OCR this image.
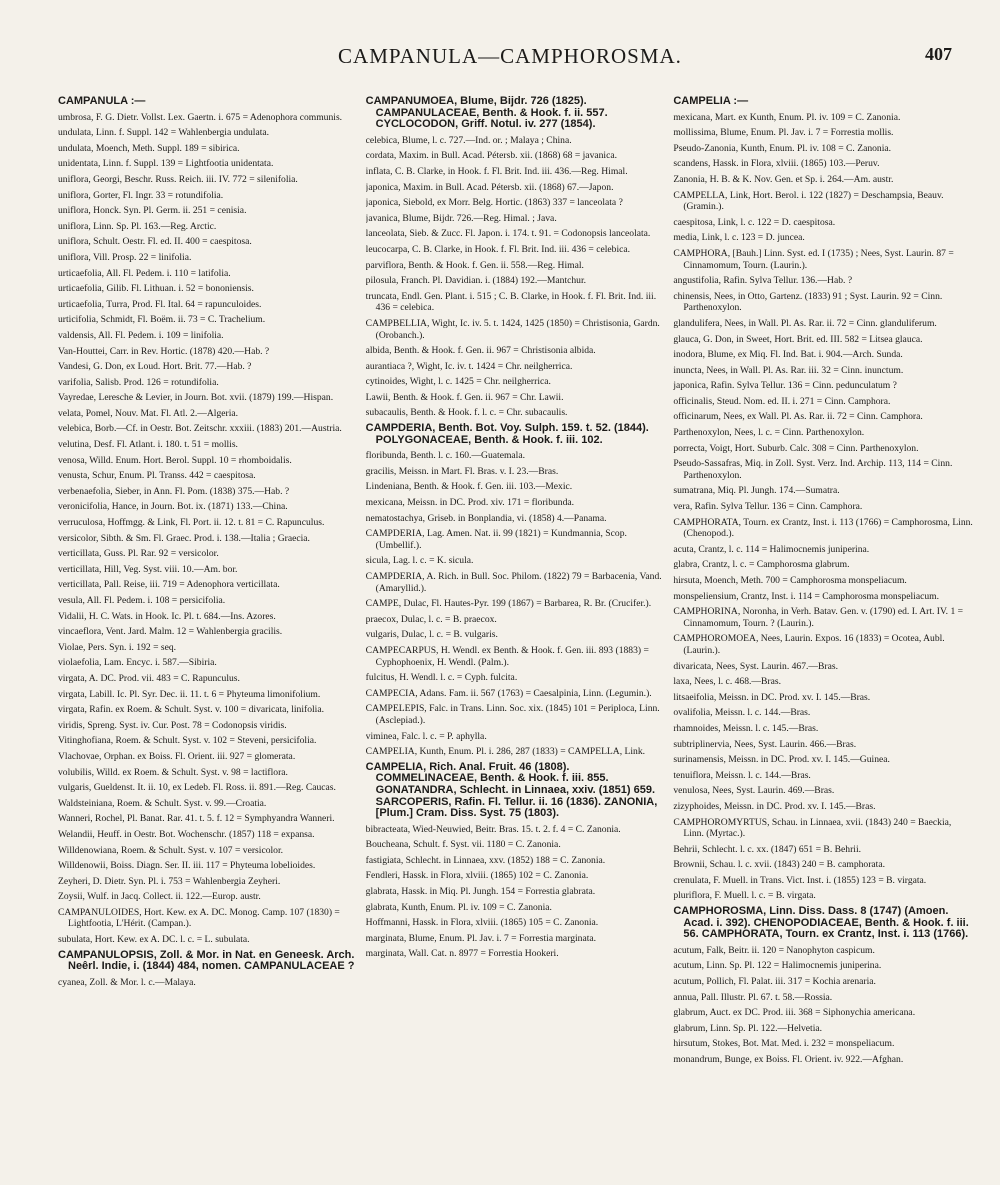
CAMPANULA—CAMPHOROSMA.	407
CAMPANULA :—
umbrosa, F. G. Dietr. Vollst. Lex. Gaertn. i. 675 = Adenophora communis.
undulata, Linn. f. Suppl. 142 = Wahlenbergia undulata.
undulata, Moench, Meth. Suppl. 189 = sibirica.
unidentata, Linn. f. Suppl. 139 = Lightfootia unidentata.
uniflora, Georgi, Beschr. Russ. Reich. iii. IV. 772 = silenifolia.
uniflora, Gorter, Fl. Ingr. 33 = rotundifolia.
uniflora, Honck. Syn. Pl. Germ. ii. 251 = cenisia.
uniflora, Linn. Sp. Pl. 163.—Reg. Arctic.
uniflora, Schult. Oestr. Fl. ed. II. 400 = caespitosa.
uniflora, Vill. Prosp. 22 = linifolia.
urticaefolia, All. Fl. Pedem. i. 110 = latifolia.
urticaefolia, Gilib. Fl. Lithuan. i. 52 = bononiensis.
urticaefolia, Turra, Prod. Fl. Ital. 64 = rapunculoides.
urticifolia, Schmidt, Fl. Boëm. ii. 73 = C. Trachelium.
valdensis, All. Fl. Pedem. i. 109 = linifolia.
Van-Houttei, Carr. in Rev. Hortic. (1878) 420.—Hab. ?
Vandesi, G. Don, ex Loud. Hort. Brit. 77.—Hab. ?
varifolia, Salisb. Prod. 126 = rotundifolia.
Vayredae, Leresche & Levier, in Journ. Bot. xvii. (1879) 199.—Hispan.
velata, Pomel, Nouv. Mat. Fl. Atl. 2.—Algeria.
velebica, Borb.—Cf. in Oestr. Bot. Zeitschr. xxxiii. (1883) 201.—Austria.
velutina, Desf. Fl. Atlant. i. 180. t. 51 = mollis.
venosa, Willd. Enum. Hort. Berol. Suppl. 10 = rhomboidalis.
venusta, Schur, Enum. Pl. Transs. 442 = caespitosa.
verbenaefolia, Sieber, in Ann. Fl. Pom. (1838) 375.—Hab. ?
veronicifolia, Hance, in Journ. Bot. ix. (1871) 133.—China.
verruculosa, Hoffmgg. & Link, Fl. Port. ii. 12. t. 81 = C. Rapunculus.
versicolor, Sibth. & Sm. Fl. Graec. Prod. i. 138.—Italia ; Graecia.
verticillata, Guss. Pl. Rar. 92 = versicolor.
verticillata, Hill, Veg. Syst. viii. 10.—Am. bor.
verticillata, Pall. Reise, iii. 719 = Adenophora verticillata.
vesula, All. Fl. Pedem. i. 108 = persicifolia.
Vidalii, H. C. Wats. in Hook. Ic. Pl. t. 684.—Ins. Azores.
vincaeflora, Vent. Jard. Malm. 12 = Wahlenbergia gracilis.
Violae, Pers. Syn. i. 192 = seq.
violaefolia, Lam. Encyc. i. 587.—Sibiria.
virgata, A. DC. Prod. vii. 483 = C. Rapunculus.
virgata, Labill. Ic. Pl. Syr. Dec. ii. 11. t. 6 = Phyteuma limonifolium.
virgata, Rafin. ex Roem. & Schult. Syst. v. 100 = divaricata, linifolia.
viridis, Spreng. Syst. iv. Cur. Post. 78 = Codonopsis viridis.
Vitinghofiana, Roem. & Schult. Syst. v. 102 = Steveni, persicifolia.
Vlachovae, Orphan. ex Boiss. Fl. Orient. iii. 927 = glomerata.
volubilis, Willd. ex Roem. & Schult. Syst. v. 98 = lactiflora.
vulgaris, Gueldenst. It. ii. 10, ex Ledeb. Fl. Ross. ii. 891.—Reg. Caucas.
Waldsteiniana, Roem. & Schult. Syst. v. 99.—Croatia.
Wanneri, Rochel, Pl. Banat. Rar. 41. t. 5. f. 12 = Symphyandra Wanneri.
Welandii, Heuff. in Oestr. Bot. Wochenschr. (1857) 118 = expansa.
Willdenowiana, Roem. & Schult. Syst. v. 107 = versicolor.
Willdenowii, Boiss. Diagn. Ser. II. iii. 117 = Phyteuma lobelioides.
Zeyheri, D. Dietr. Syn. Pl. i. 753 = Wahlenbergia Zeyheri.
Zoysii, Wulf. in Jacq. Collect. ii. 122.—Europ. austr.
CAMPANULOIDES, Hort. Kew. ex A. DC. Monog. Camp. 107 (1830) = Lightfootia, L'Hérit. (Campan.).
subulata, Hort. Kew. ex A. DC. l. c. = L. subulata.
CAMPANULOPSIS, Zoll. & Mor. in Nat. en Geneesk. Arch. Neêrl. Indie, i. (1844) 484, nomen. CAMPANULACEAE ?
cyanea, Zoll. & Mor. l. c.—Malaya.
CAMPANUMOEA, Blume, Bijdr. 726 (1825). CAMPANULACEAE, Benth. & Hook. f. ii. 557. CYCLOCODON, Griff. Notul. iv. 277 (1854).
celebica, Blume, l. c. 727.—Ind. or. ; Malaya ; China.
cordata, Maxim. in Bull. Acad. Pétersb. xii. (1868) 68 = javanica.
inflata, C. B. Clarke, in Hook. f. Fl. Brit. Ind. iii. 436.—Reg. Himal.
japonica, Maxim. in Bull. Acad. Pétersb. xii. (1868) 67.—Japon.
japonica, Siebold, ex Morr. Belg. Hortic. (1863) 337 = lanceolata ?
javanica, Blume, Bijdr. 726.—Reg. Himal. ; Java.
lanceolata, Sieb. & Zucc. Fl. Japon. i. 174. t. 91. = Codonopsis lanceolata.
leucocarpa, C. B. Clarke, in Hook. f. Fl. Brit. Ind. iii. 436 = celebica.
parviflora, Benth. & Hook. f. Gen. ii. 558.—Reg. Himal.
pilosula, Franch. Pl. Davidian. i. (1884) 192.—Mantchur.
truncata, Endl. Gen. Plant. i. 515 ; C. B. Clarke, in Hook. f. Fl. Brit. Ind. iii. 436 = celebica.
CAMPBELLIA, Wight, Ic. iv. 5. t. 1424, 1425 (1850) = Christisonia, Gardn. (Orobanch.).
albida, Benth. & Hook. f. Gen. ii. 967 = Christisonia albida.
aurantiaca ?, Wight, Ic. iv. t. 1424 = Chr. neilgherrica.
cytinoides, Wight, l. c. 1425 = Chr. neilgherrica.
Lawii, Benth. & Hook. f. Gen. ii. 967 = Chr. Lawii.
subacaulis, Benth. & Hook. f. l. c. = Chr. subacaulis.
CAMPDERIA, Benth. Bot. Voy. Sulph. 159. t. 52. (1844). POLYGONACEAE, Benth. & Hook. f. iii. 102.
floribunda, Benth. l. c. 160.—Guatemala.
gracilis, Meissn. in Mart. Fl. Bras. v. I. 23.—Bras.
Lindeniana, Benth. & Hook. f. Gen. iii. 103.—Mexic.
mexicana, Meissn. in DC. Prod. xiv. 171 = floribunda.
nematostachya, Griseb. in Bonplandia, vi. (1858) 4.—Panama.
CAMPDERIA, Lag. Amen. Nat. ii. 99 (1821) = Kundmannia, Scop. (Umbellif.).
sicula, Lag. l. c. = K. sicula.
CAMPDERIA, A. Rich. in Bull. Soc. Philom. (1822) 79 = Barbacenia, Vand. (Amaryllid.).
CAMPE, Dulac, Fl. Hautes-Pyr. 199 (1867) = Barbarea, R. Br. (Crucifer.).
praecox, Dulac, l. c. = B. praecox.
vulgaris, Dulac, l. c. = B. vulgaris.
CAMPECARPUS, H. Wendl. ex Benth. & Hook. f. Gen. iii. 893 (1883) = Cyphophoenix, H. Wendl. (Palm.).
fulcitus, H. Wendl. l. c. = Cyph. fulcita.
CAMPECIA, Adans. Fam. ii. 567 (1763) = Caesalpinia, Linn. (Legumin.).
CAMPELEPIS, Falc. in Trans. Linn. Soc. xix. (1845) 101 = Periploca, Linn. (Asclepiad.).
viminea, Falc. l. c. = P. aphylla.
CAMPELIA, Kunth, Enum. Pl. i. 286, 287 (1833) = CAMPELLA, Link.
CAMPELIA, Rich. Anal. Fruit. 46 (1808). COMMELINACEAE, Benth. & Hook. f. iii. 855. GONATANDRA, Schlecht. in Linnaea, xxiv. (1851) 659. SARCOPERIS, Rafin. Fl. Tellur. ii. 16 (1836). ZANONIA, [Plum.] Cram. Diss. Syst. 75 (1803).
bibracteata, Wied-Neuwied, Beitr. Bras. 15. t. 2. f. 4 = C. Zanonia.
Boucheana, Schult. f. Syst. vii. 1180 = C. Zanonia.
fastigiata, Schlecht. in Linnaea, xxv. (1852) 188 = C. Zanonia.
Fendleri, Hassk. in Flora, xlviii. (1865) 102 = C. Zanonia.
glabrata, Hassk. in Miq. Pl. Jungh. 154 = Forrestia glabrata.
glabrata, Kunth, Enum. Pl. iv. 109 = C. Zanonia.
Hoffmanni, Hassk. in Flora, xlviii. (1865) 105 = C. Zanonia.
marginata, Blume, Enum. Pl. Jav. i. 7 = Forrestia marginata.
marginata, Wall. Cat. n. 8977 = Forrestia Hookeri.
CAMPELIA :—
mexicana, Mart. ex Kunth, Enum. Pl. iv. 109 = C. Zanonia.
mollissima, Blume, Enum. Pl. Jav. i. 7 = Forrestia mollis.
Pseudo-Zanonia, Kunth, Enum. Pl. iv. 108 = C. Zanonia.
scandens, Hassk. in Flora, xlviii. (1865) 103.—Peruv.
Zanonia, H. B. & K. Nov. Gen. et Sp. i. 264.—Am. austr.
CAMPELLA, Link, Hort. Berol. i. 122 (1827) = Deschampsia, Beauv. (Gramin.).
caespitosa, Link, l. c. 122 = D. caespitosa.
media, Link, l. c. 123 = D. juncea.
CAMPHORA, [Bauh.] Linn. Syst. ed. I (1735) ; Nees, Syst. Laurin. 87 = Cinnamomum, Tourn. (Laurin.).
angustifolia, Rafin. Sylva Tellur. 136.—Hab. ?
chinensis, Nees, in Otto, Gartenz. (1833) 91 ; Syst. Laurin. 92 = Cinn. Parthenoxylon.
glandulifera, Nees, in Wall. Pl. As. Rar. ii. 72 = Cinn. glanduliferum.
glauca, G. Don, in Sweet, Hort. Brit. ed. III. 582 = Litsea glauca.
inodora, Blume, ex Miq. Fl. Ind. Bat. i. 904.—Arch. Sunda.
inuncta, Nees, in Wall. Pl. As. Rar. iii. 32 = Cinn. inunctum.
japonica, Rafin. Sylva Tellur. 136 = Cinn. pedunculatum ?
officinalis, Steud. Nom. ed. II. i. 271 = Cinn. Camphora.
officinarum, Nees, ex Wall. Pl. As. Rar. ii. 72 = Cinn. Camphora.
Parthenoxylon, Nees, l. c. = Cinn. Parthenoxylon.
porrecta, Voigt, Hort. Suburb. Calc. 308 = Cinn. Parthenoxylon.
Pseudo-Sassafras, Miq. in Zoll. Syst. Verz. Ind. Archip. 113, 114 = Cinn. Parthenoxylon.
sumatrana, Miq. Pl. Jungh. 174.—Sumatra.
vera, Rafin. Sylva Tellur. 136 = Cinn. Camphora.
CAMPHORATA, Tourn. ex Crantz, Inst. i. 113 (1766) = Camphorosma, Linn. (Chenopod.).
acuta, Crantz, l. c. 114 = Halimocnemis juniperina.
glabra, Crantz, l. c. = Camphorosma glabrum.
hirsuta, Moench, Meth. 700 = Camphorosma monspeliacum.
monspeliensium, Crantz, Inst. i. 114 = Camphorosma monspeliacum.
CAMPHORINA, Noronha, in Verh. Batav. Gen. v. (1790) ed. I. Art. IV. 1 = Cinnamomum, Tourn. ? (Laurin.).
CAMPHOROMOEA, Nees, Laurin. Expos. 16 (1833) = Ocotea, Aubl. (Laurin.).
divaricata, Nees, Syst. Laurin. 467.—Bras.
laxa, Nees, l. c. 468.—Bras.
litsaeifolia, Meissn. in DC. Prod. xv. I. 145.—Bras.
ovalifolia, Meissn. l. c. 144.—Bras.
rhamnoides, Meissn. l. c. 145.—Bras.
subtriplinervia, Nees, Syst. Laurin. 466.—Bras.
surinamensis, Meissn. in DC. Prod. xv. I. 145.—Guinea.
tenuiflora, Meissn. l. c. 144.—Bras.
venulosa, Nees, Syst. Laurin. 469.—Bras.
zizyphoides, Meissn. in DC. Prod. xv. I. 145.—Bras.
CAMPHOROMYRTUS, Schau. in Linnaea, xvii. (1843) 240 = Baeckia, Linn. (Myrtac.).
Behrii, Schlecht. l. c. xx. (1847) 651 = B. Behrii.
Brownii, Schau. l. c. xvii. (1843) 240 = B. camphorata.
crenulata, F. Muell. in Trans. Vict. Inst. i. (1855) 123 = B. virgata.
pluriflora, F. Muell. l. c. = B. virgata.
CAMPHOROSMA, Linn. Diss. Dass. 8 (1747) (Amoen. Acad. i. 392). CHENOPODIACEAE, Benth. & Hook. f. iii. 56. CAMPHORATA, Tourn. ex Crantz, Inst. i. 113 (1766).
acutum, Falk, Beitr. ii. 120 = Nanophyton caspicum.
acutum, Linn. Sp. Pl. 122 = Halimocnemis juniperina.
acutum, Pollich, Fl. Palat. iii. 317 = Kochia arenaria.
annua, Pall. Illustr. Pl. 67. t. 58.—Rossia.
glabrum, Auct. ex DC. Prod. iii. 368 = Siphonychia americana.
glabrum, Linn. Sp. Pl. 122.—Helvetia.
hirsutum, Stokes, Bot. Mat. Med. i. 232 = monspeliacum.
monandrum, Bunge, ex Boiss. Fl. Orient. iv. 922.—Afghan.
